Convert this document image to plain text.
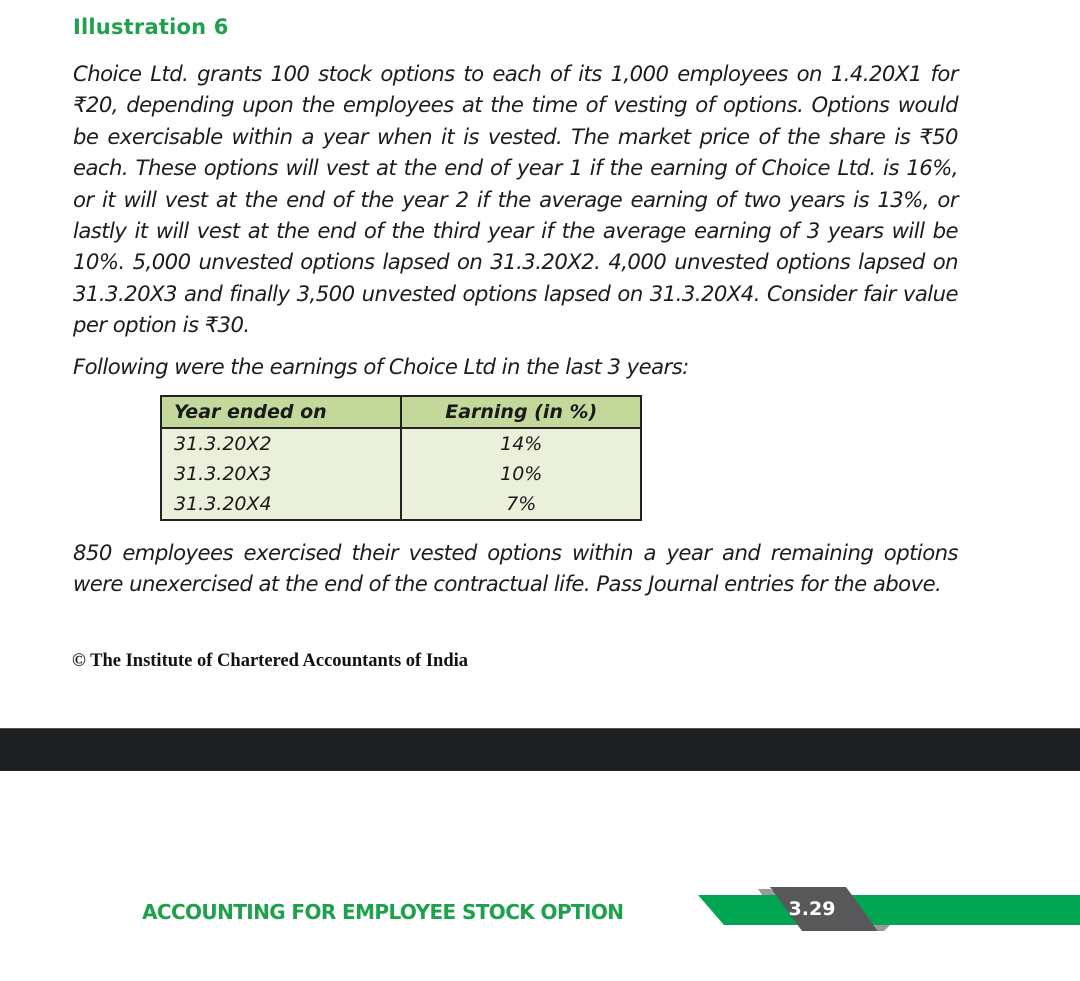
Illustration 6
Choice Ltd. grants 100 stock options to each of its 1,000 employees on 1.4.20X1 for ₹20, depending upon the employees at the time of vesting of options. Options would be exercisable within a year when it is vested. The market price of the share is ₹50 each. These options will vest at the end of year 1 if the earning of Choice Ltd. is 16%, or it will vest at the end of the year 2 if the average earning of two years is 13%, or lastly it will vest at the end of the third year if the average earning of 3 years will be 10%. 5,000 unvested options lapsed on 31.3.20X2. 4,000 unvested options lapsed on 31.3.20X3 and finally 3,500 unvested options lapsed on 31.3.20X4. Consider fair value per option is ₹30.
Following were the earnings of Choice Ltd in the last 3 years:
Year ended on	Earning (in %)
31.3.20X2	14%
31.3.20X3	10%
31.3.20X4	7%
850 employees exercised their vested options within a year and remaining options were unexercised at the end of the contractual life. Pass Journal entries for the above.
© The Institute of Chartered Accountants of India
ACCOUNTING FOR EMPLOYEE STOCK OPTION	3.29
